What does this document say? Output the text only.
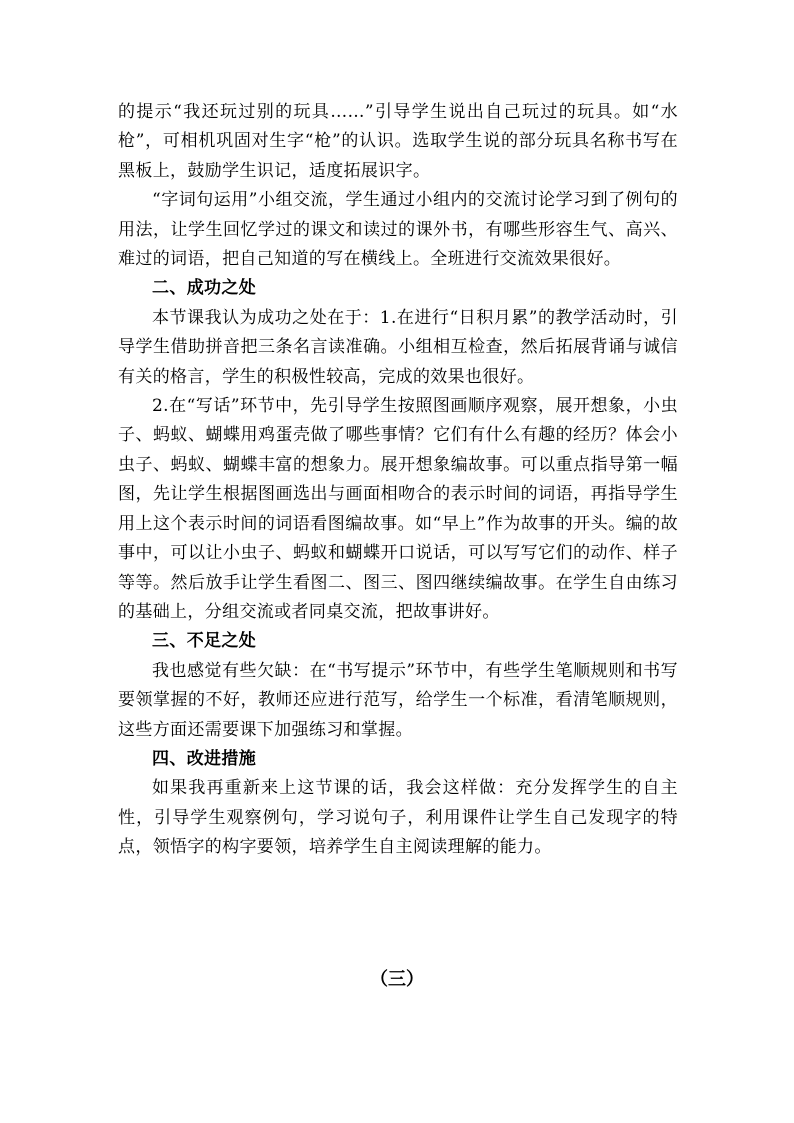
的提示“我还玩过别的玩具……”引导学生说出自己玩过的玩具。如“水枪”，可相机巩固对生字“枪”的认识。选取学生说的部分玩具名称书写在黑板上，鼓励学生识记，适度拓展识字。

“字词句运用”小组交流，学生通过小组内的交流讨论学习到了例句的用法，让学生回忆学过的课文和读过的课外书，有哪些形容生气、高兴、难过的词语，把自己知道的写在横线上。全班进行交流效果很好。

二、成功之处

本节课我认为成功之处在于：1.在进行“日积月累”的教学活动时，引导学生借助拼音把三条名言读准确。小组相互检查，然后拓展背诵与诚信有关的格言，学生的积极性较高，完成的效果也很好。

2.在“写话”环节中，先引导学生按照图画顺序观察，展开想象，小虫子、蚂蚁、蝴蝶用鸡蛋壳做了哪些事情？它们有什么有趣的经历？体会小虫子、蚂蚁、蝴蝶丰富的想象力。展开想象编故事。可以重点指导第一幅图，先让学生根据图画选出与画面相吻合的表示时间的词语，再指导学生用上这个表示时间的词语看图编故事。如“早上”作为故事的开头。编的故事中，可以让小虫子、蚂蚁和蝴蝶开口说话，可以写写它们的动作、样子等等。然后放手让学生看图二、图三、图四继续编故事。在学生自由练习的基础上，分组交流或者同桌交流，把故事讲好。

三、不足之处

我也感觉有些欠缺：在“书写提示”环节中，有些学生笔顺规则和书写要领掌握的不好，教师还应进行范写，给学生一个标准，看清笔顺规则，这些方面还需要课下加强练习和掌握。

四、改进措施

如果我再重新来上这节课的话，我会这样做：充分发挥学生的自主性，引导学生观察例句，学习说句子，利用课件让学生自己发现字的特点，领悟字的构字要领，培养学生自主阅读理解的能力。

（三）
